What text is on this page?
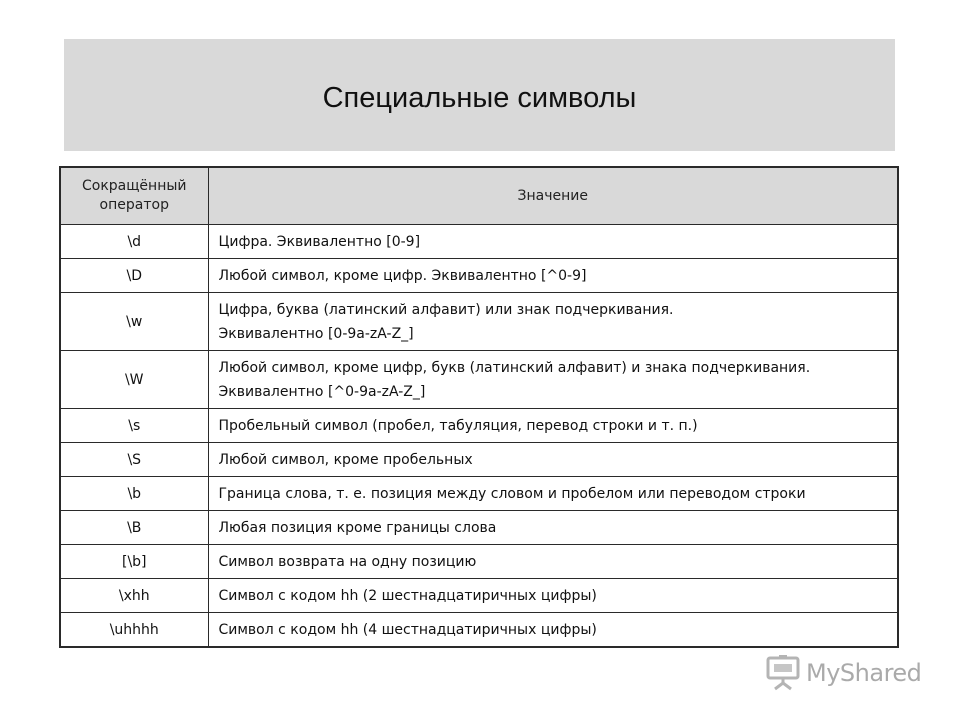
Специальные символы
Сокращённый оператор	Значение
\d	Цифра. Эквивалентно [0-9]
\D	Любой символ, кроме цифр. Эквивалентно [^0-9]
\w	Цифра, буква (латинский алфавит) или знак подчеркивания.
Эквивалентно [0-9a-zA-Z_]

\W	Любой символ, кроме цифр, букв (латинский алфавит) и знака подчеркивания.
Эквивалентно [^0-9a-zA-Z_]

\s	Пробельный символ (пробел, табуляция, перевод строки и т. п.)
\S	Любой символ, кроме пробельных
\b	Граница слова, т. е. позиция между словом и пробелом или переводом строки
\B	Любая позиция кроме границы слова
[\b]	Символ возврата на одну позицию
\xhh	Символ с кодом hh (2 шестнадцатиричных цифры)
\uhhhh	Символ с кодом hh (4 шестнадцатиричных цифры)
MyShared
